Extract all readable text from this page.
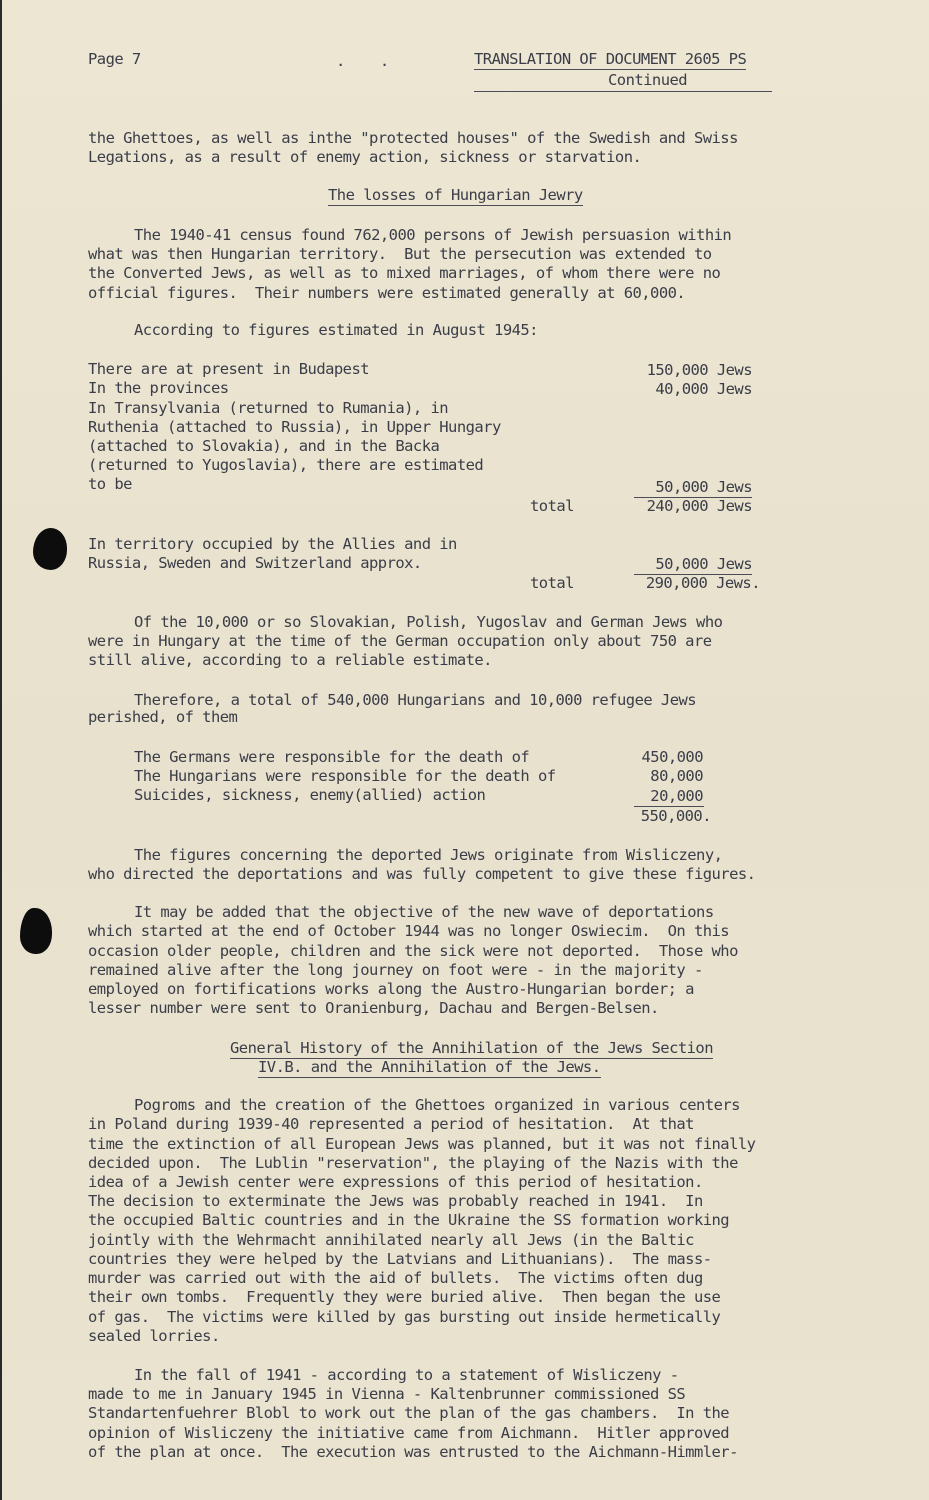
Page 7	.    .	TRANSLATION OF DOCUMENT 2605 PS
Continued
the Ghettoes, as well as inthe "protected houses" of the Swedish and Swiss
Legations, as a result of enemy action, sickness or starvation.
The losses of Hungarian Jewry
The 1940-41 census found 762,000 persons of Jewish persuasion within
what was then Hungarian territory.  But the persecution was extended to
the Converted Jews, as well as to mixed marriages, of whom there were no
official figures.  Their numbers were estimated generally at 60,000.
According to figures estimated in August 1945:
There are at present in Budapest	150,000 Jews
In the provinces	40,000 Jews
In Transylvania (returned to Rumania), in
Ruthenia (attached to Russia), in Upper Hungary
(attached to Slovakia), and in the Backa
(returned to Yugoslavia), there are estimated
to be	50,000 Jews
total	240,000 Jews
In territory occupied by the Allies and in
Russia, Sweden and Switzerland approx.	50,000 Jews
total	290,000 Jews.
Of the 10,000 or so Slovakian, Polish, Yugoslav and German Jews who
were in Hungary at the time of the German occupation only about 750 are
still alive, according to a reliable estimate.
Therefore, a total of 540,000 Hungarians and 10,000 refugee Jews
perished, of them
The Germans were responsible for the death of	450,000
The Hungarians were responsible for the death of	80,000
Suicides, sickness, enemy(allied) action	20,000
550,000.
The figures concerning the deported Jews originate from Wisliczeny,
who directed the deportations and was fully competent to give these figures.
It may be added that the objective of the new wave of deportations
which started at the end of October 1944 was no longer Oswiecim.  On this
occasion older people, children and the sick were not deported.  Those who
remained alive after the long journey on foot were - in the majority -
employed on fortifications works along the Austro-Hungarian border; a
lesser number were sent to Oranienburg, Dachau and Bergen-Belsen.
General History of the Annihilation of the Jews Section
IV.B. and the Annihilation of the Jews.
Pogroms and the creation of the Ghettoes organized in various centers
in Poland during 1939-40 represented a period of hesitation.  At that
time the extinction of all European Jews was planned, but it was not finally
decided upon.  The Lublin "reservation", the playing of the Nazis with the
idea of a Jewish center were expressions of this period of hesitation.
The decision to exterminate the Jews was probably reached in 1941.  In
the occupied Baltic countries and in the Ukraine the SS formation working
jointly with the Wehrmacht annihilated nearly all Jews (in the Baltic
countries they were helped by the Latvians and Lithuanians).  The mass-
murder was carried out with the aid of bullets.  The victims often dug
their own tombs.  Frequently they were buried alive.  Then began the use
of gas.  The victims were killed by gas bursting out inside hermetically
sealed lorries.
In the fall of 1941 - according to a statement of Wisliczeny -
made to me in January 1945 in Vienna - Kaltenbrunner commissioned SS
Standartenfuehrer Blobl to work out the plan of the gas chambers.  In the
opinion of Wisliczeny the initiative came from Aichmann.  Hitler approved
of the plan at once.  The execution was entrusted to the Aichmann-Himmler-
